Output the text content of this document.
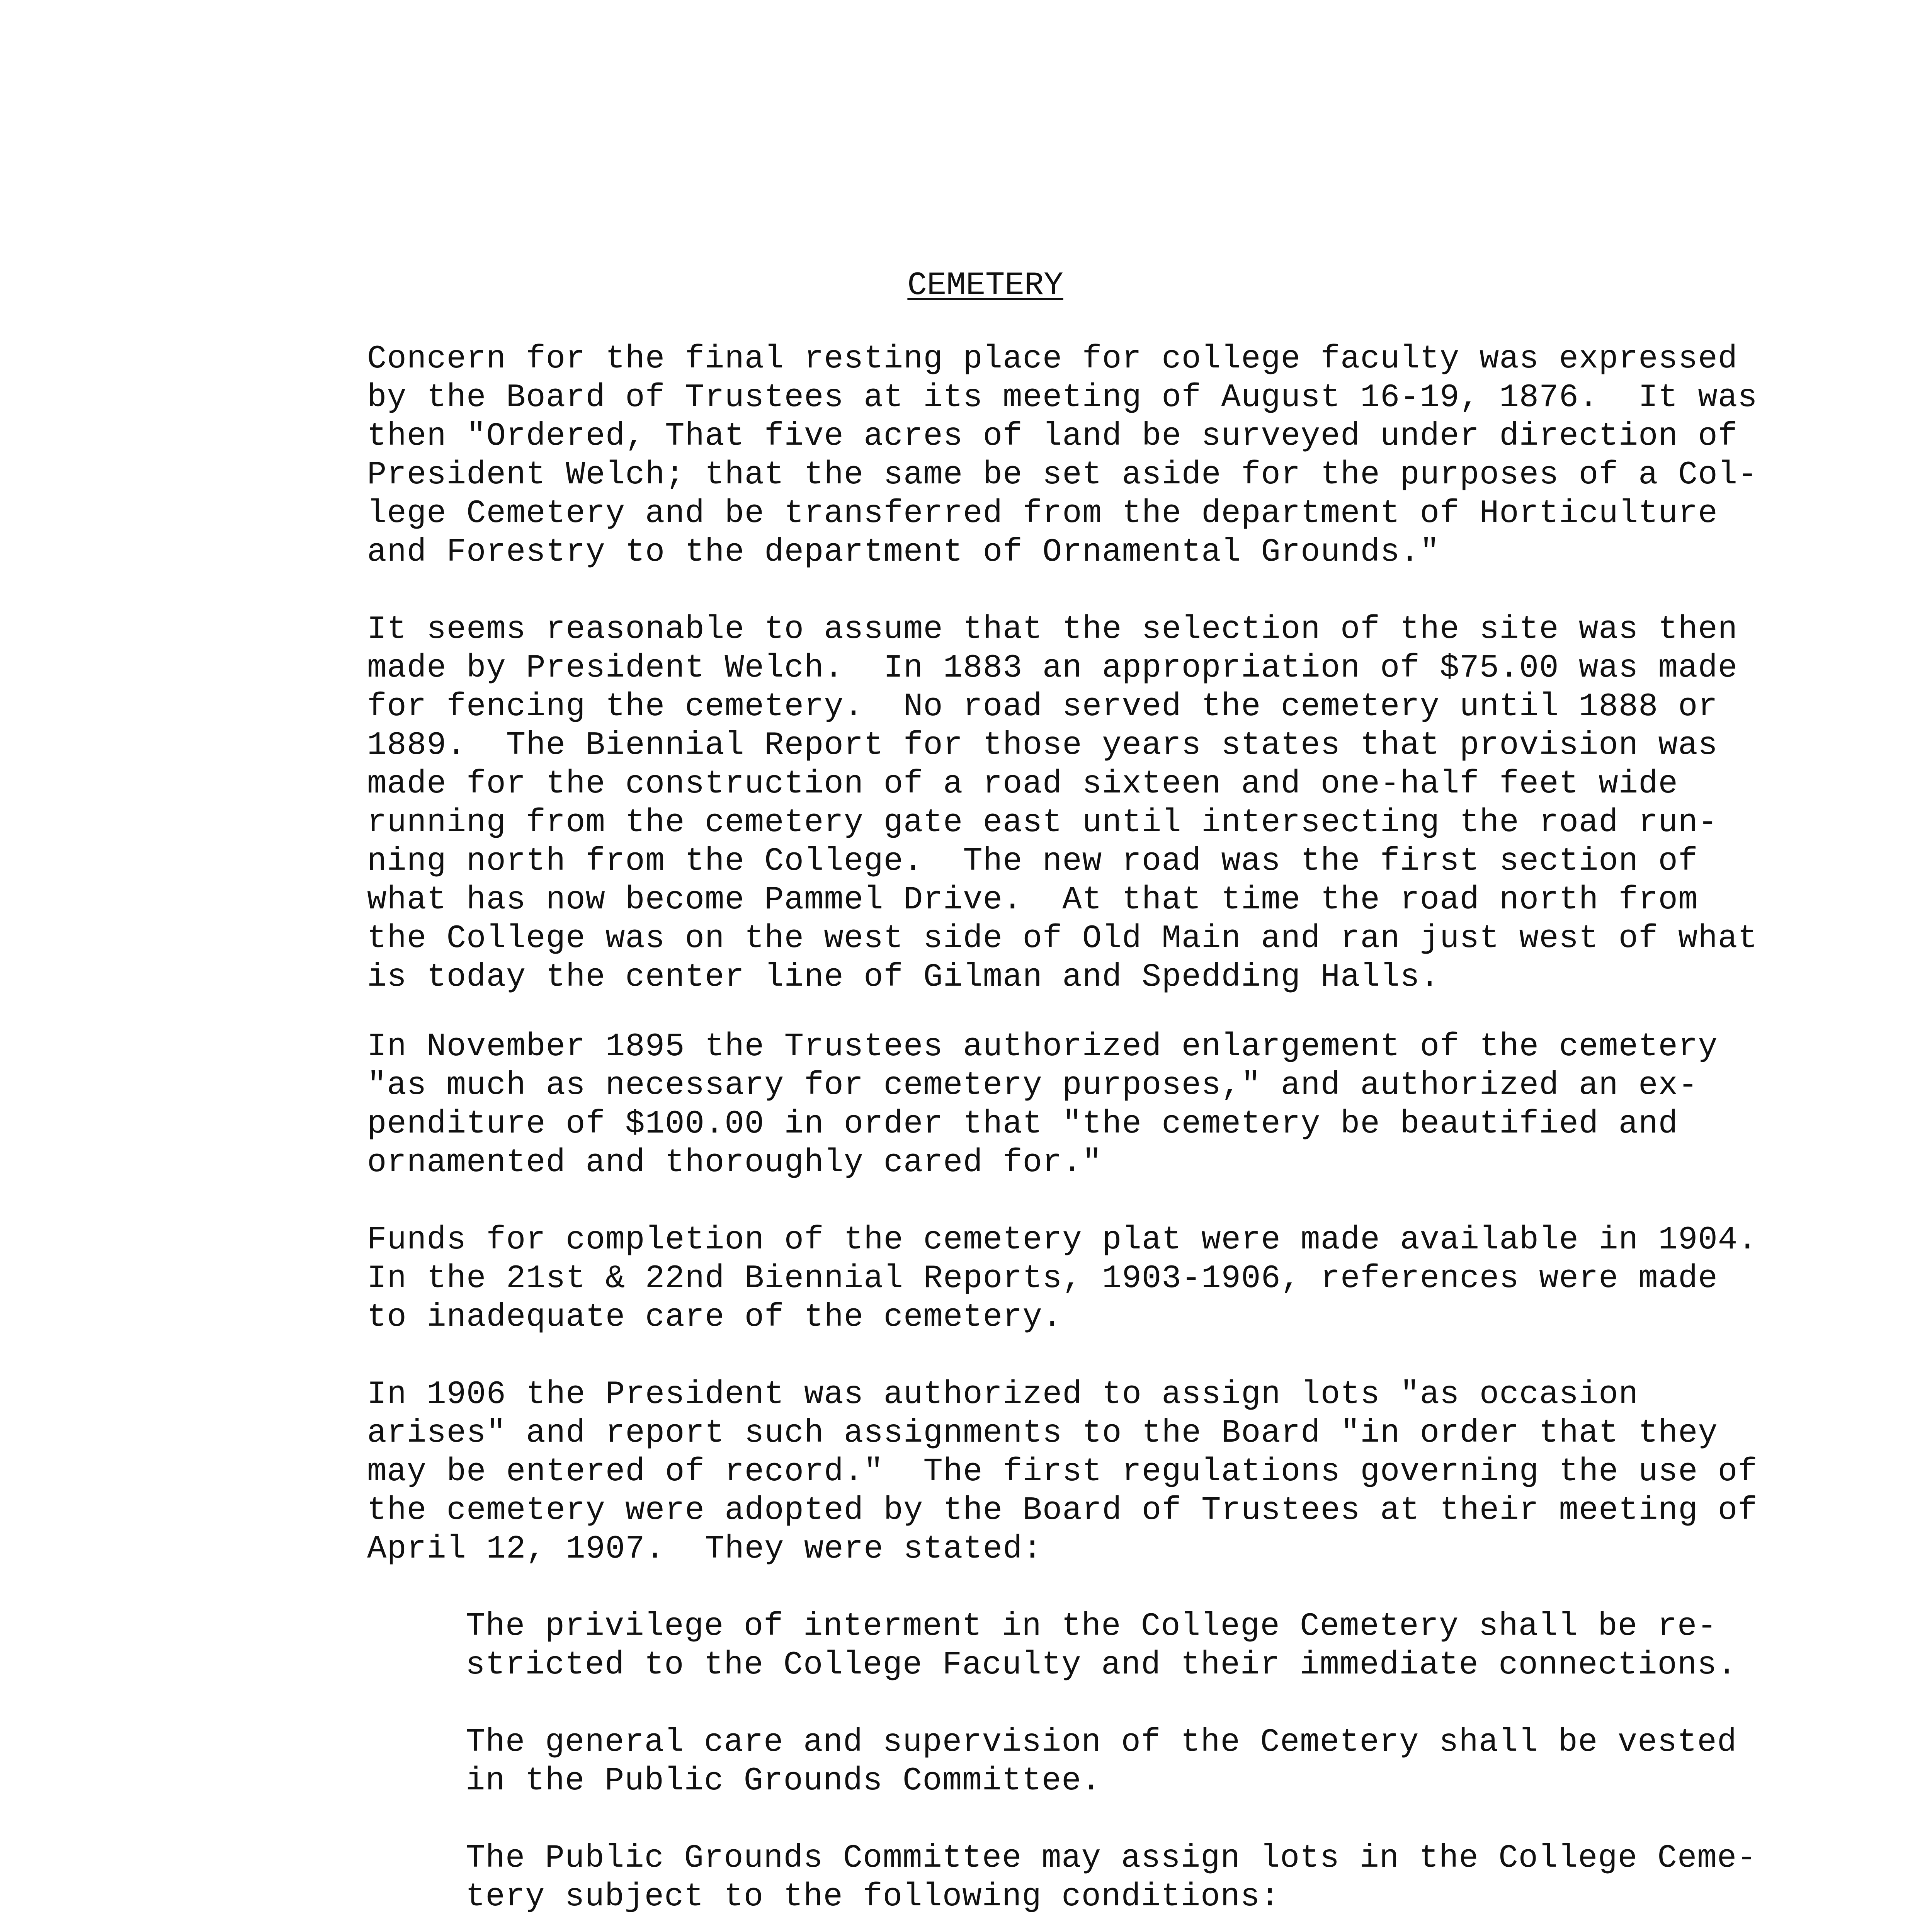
CEMETERY
Concern for the final resting place for college faculty was expressed
by the Board of Trustees at its meeting of August 16-19, 1876.  It was
then "Ordered, That five acres of land be surveyed under direction of
President Welch; that the same be set aside for the purposes of a Col-
lege Cemetery and be transferred from the department of Horticulture
and Forestry to the department of Ornamental Grounds."
It seems reasonable to assume that the selection of the site was then
made by President Welch.  In 1883 an appropriation of $75.00 was made
for fencing the cemetery.  No road served the cemetery until 1888 or
1889.  The Biennial Report for those years states that provision was
made for the construction of a road sixteen and one-half feet wide
running from the cemetery gate east until intersecting the road run-
ning north from the College.  The new road was the first section of
what has now become Pammel Drive.  At that time the road north from
the College was on the west side of Old Main and ran just west of what
is today the center line of Gilman and Spedding Halls.
In November 1895 the Trustees authorized enlargement of the cemetery
"as much as necessary for cemetery purposes," and authorized an ex-
penditure of $100.00 in order that "the cemetery be beautified and
ornamented and thoroughly cared for."
Funds for completion of the cemetery plat were made available in 1904.
In the 21st & 22nd Biennial Reports, 1903-1906, references were made
to inadequate care of the cemetery.
In 1906 the President was authorized to assign lots "as occasion
arises" and report such assignments to the Board "in order that they
may be entered of record."  The first regulations governing the use of
the cemetery were adopted by the Board of Trustees at their meeting of
April 12, 1907.  They were stated:
The privilege of interment in the College Cemetery shall be re-
stricted to the College Faculty and their immediate connections.
The general care and supervision of the Cemetery shall be vested
in the Public Grounds Committee.
The Public Grounds Committee may assign lots in the College Ceme-
tery subject to the following conditions:
